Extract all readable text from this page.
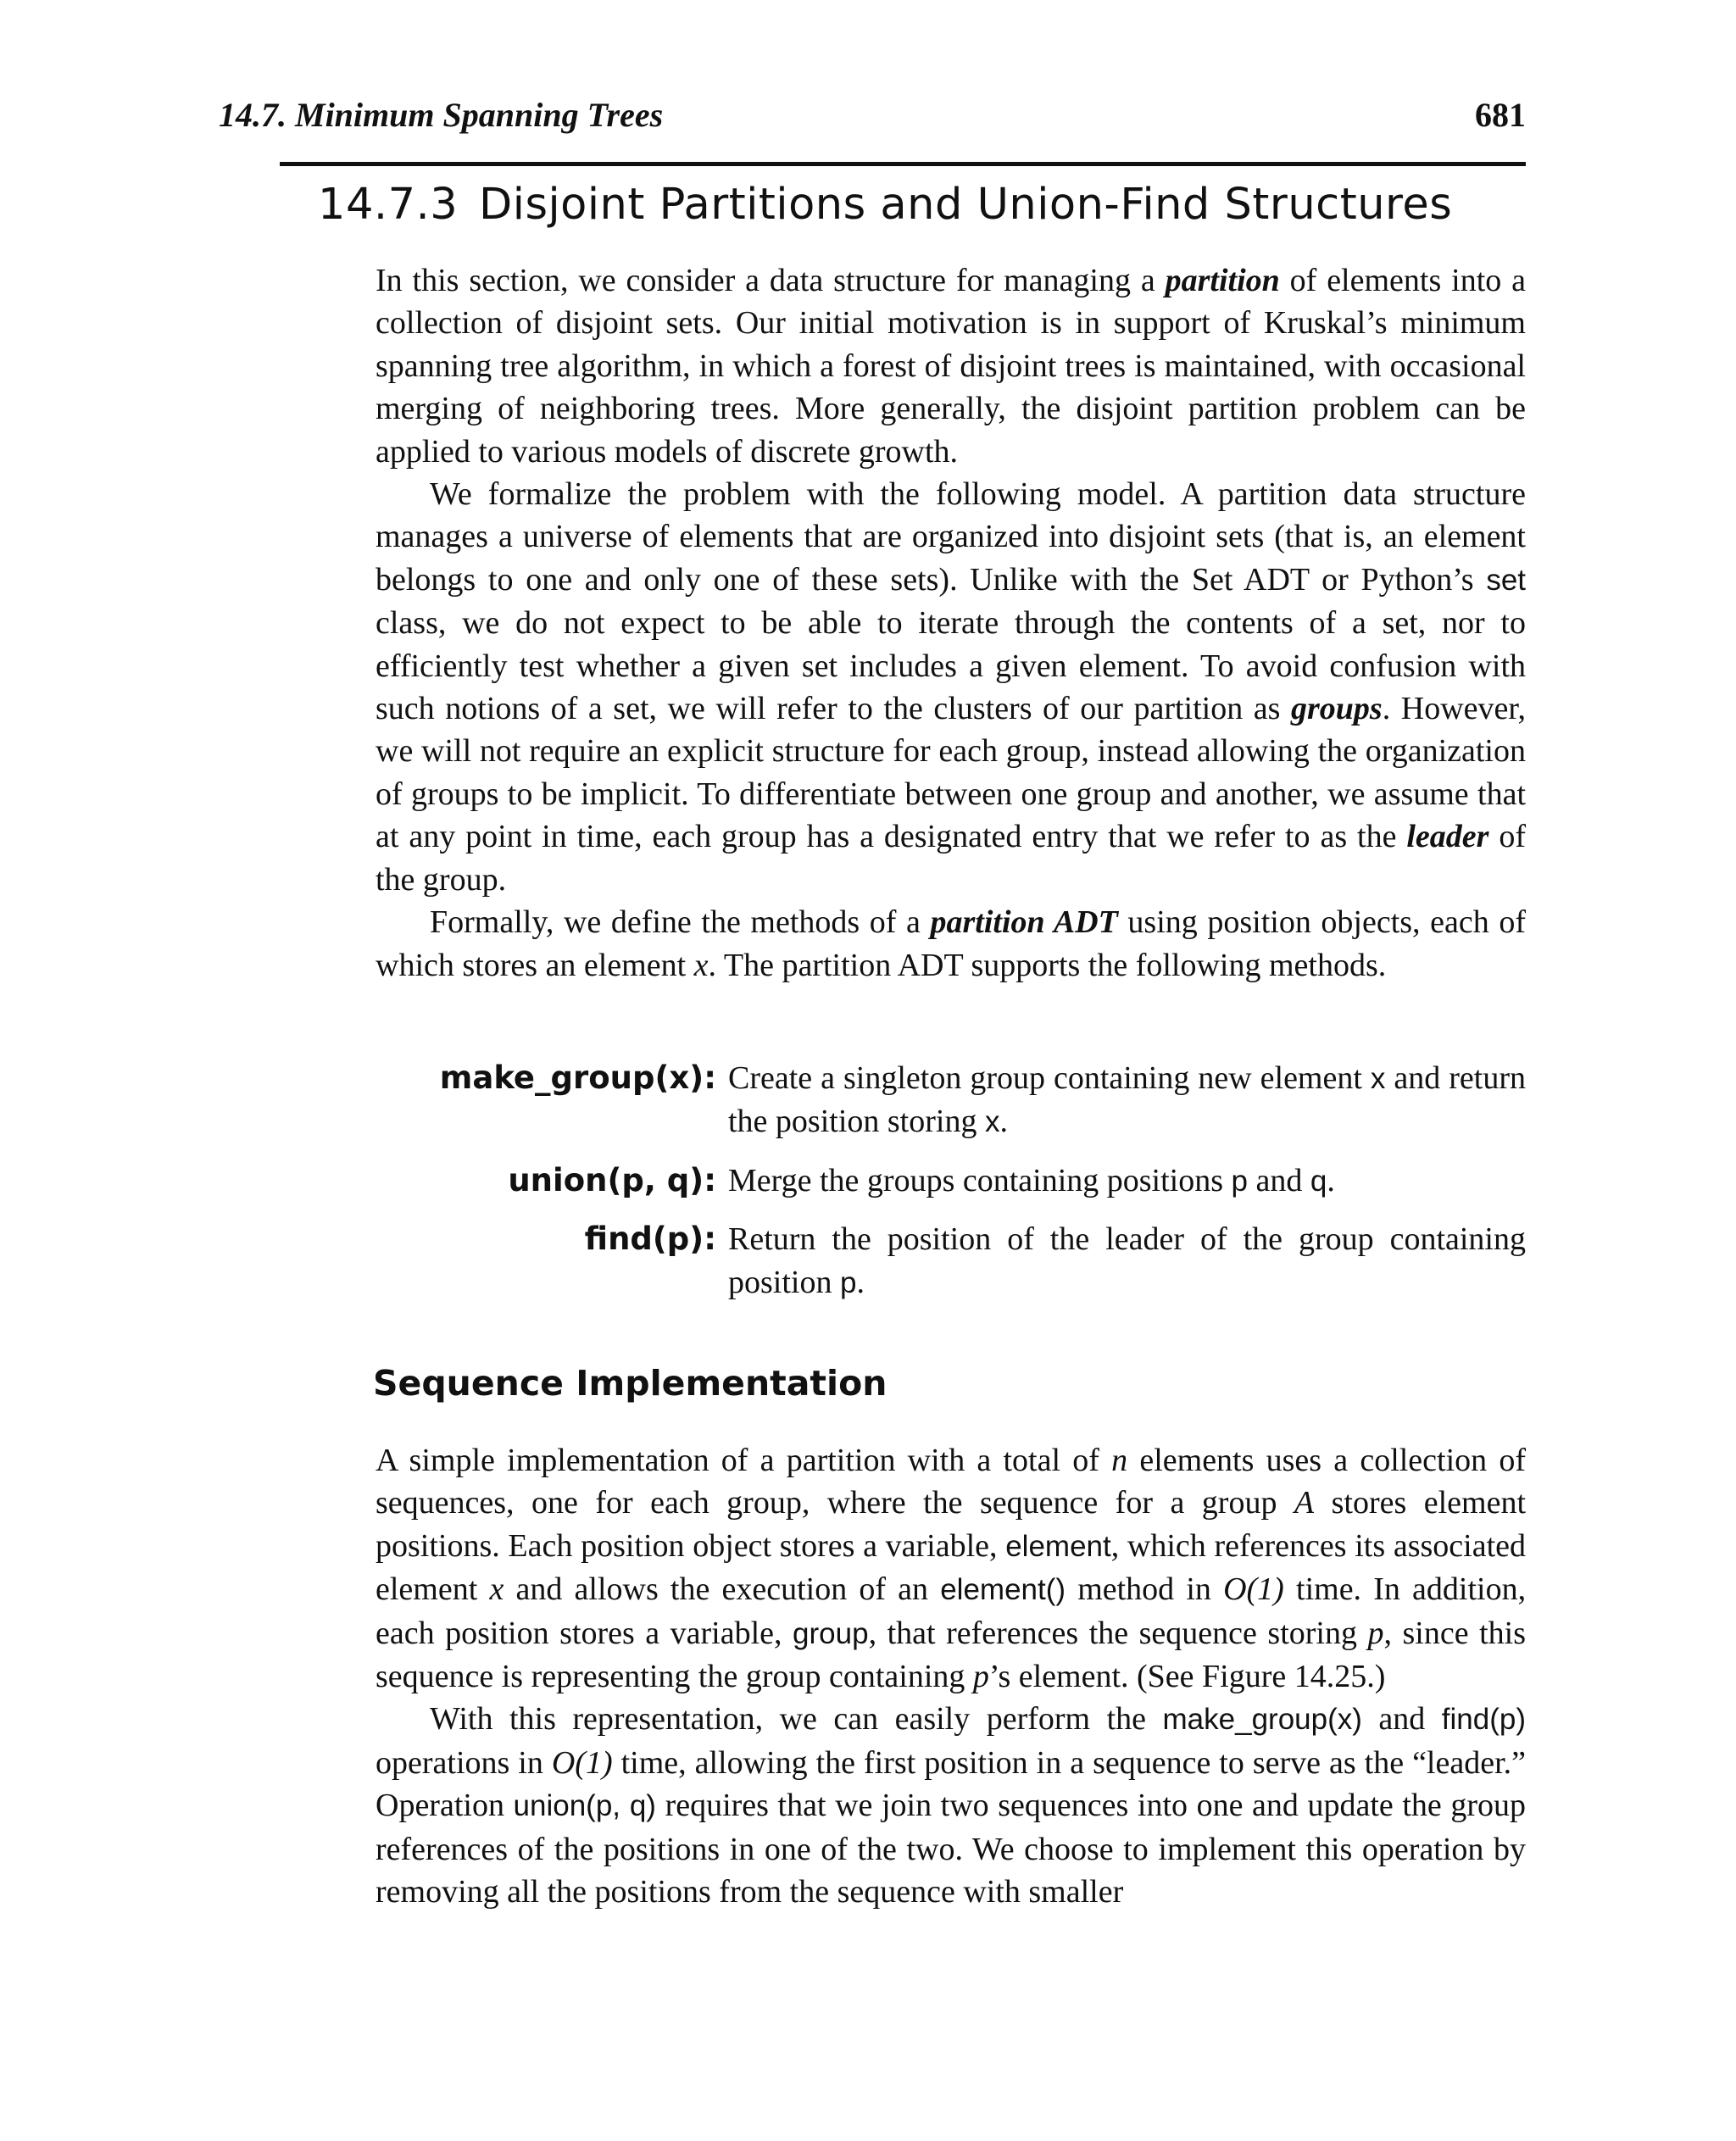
14.7. Minimum Spanning Trees	681
14.7.3 Disjoint Partitions and Union-Find Structures

In this section, we consider a data structure for managing a partition of elements into a collection of disjoint sets. Our initial motivation is in support of Kruskal’s minimum spanning tree algorithm, in which a forest of disjoint trees is maintained, with occasional merging of neighboring trees. More generally, the disjoint partition problem can be applied to various models of discrete growth.

We formalize the problem with the following model. A partition data structure manages a universe of elements that are organized into disjoint sets (that is, an element belongs to one and only one of these sets). Unlike with the Set ADT or Python’s set class, we do not expect to be able to iterate through the contents of a set, nor to efficiently test whether a given set includes a given element. To avoid confusion with such notions of a set, we will refer to the clusters of our partition as groups. However, we will not require an explicit structure for each group, instead allowing the organization of groups to be implicit. To differentiate between one group and another, we assume that at any point in time, each group has a designated entry that we refer to as the leader of the group.

Formally, we define the methods of a partition ADT using position objects, each of which stores an element x. The partition ADT supports the following methods.

make_group(x): Create a singleton group containing new element x and return the position storing x.
union(p, q): Merge the groups containing positions p and q.
find(p): Return the position of the leader of the group containing position p.
Sequence Implementation

A simple implementation of a partition with a total of n elements uses a collection of sequences, one for each group, where the sequence for a group A stores element positions. Each position object stores a variable, element, which references its associated element x and allows the execution of an element() method in O(1) time. In addition, each position stores a variable, group, that references the sequence storing p, since this sequence is representing the group containing p’s element. (See Figure 14.25.)

With this representation, we can easily perform the make_group(x) and find(p) operations in O(1) time, allowing the first position in a sequence to serve as the “leader.” Operation union(p, q) requires that we join two sequences into one and update the group references of the positions in one of the two. We choose to implement this operation by removing all the positions from the sequence with smaller
